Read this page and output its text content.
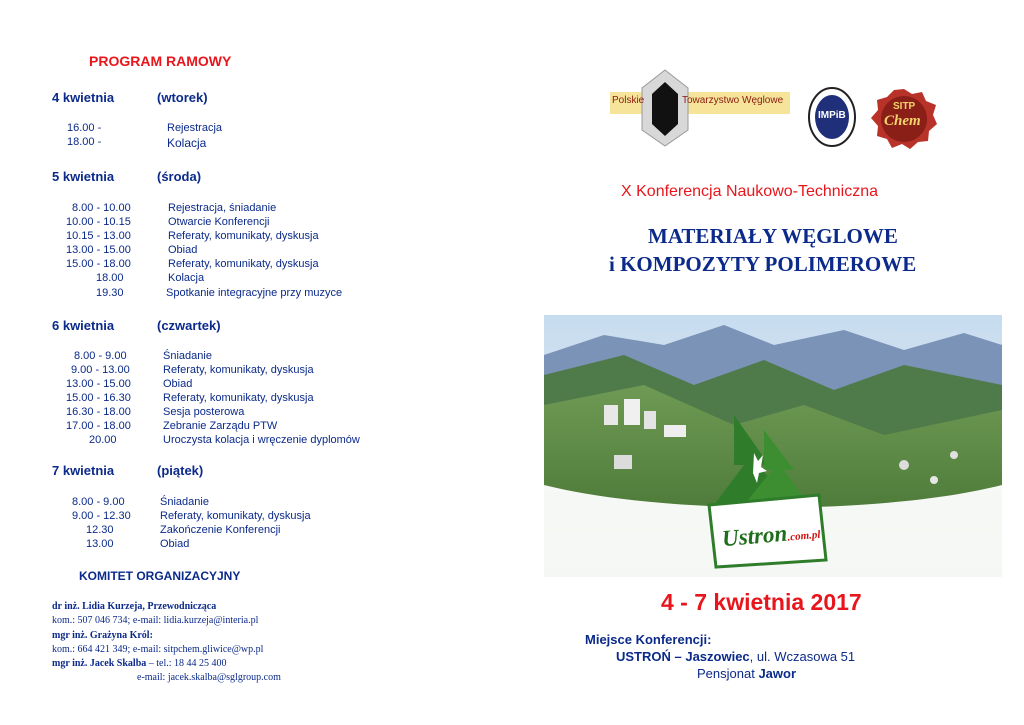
PROGRAM RAMOWY
4 kwietnia	(wtorek)
16.00 -	Rejestracja
18.00 -	Kolacja
5 kwietnia	(środa)
8.00 - 10.00	Rejestracja, śniadanie
10.00 - 10.15	Otwarcie Konferencji
10.15 - 13.00	Referaty, komunikaty, dyskusja
13.00 - 15.00	Obiad
15.00 - 18.00	Referaty, komunikaty, dyskusja
18.00	Kolacja
19.30	Spotkanie integracyjne przy muzyce
6 kwietnia	(czwartek)
8.00 - 9.00	Śniadanie
9.00 - 13.00	Referaty, komunikaty, dyskusja
13.00 - 15.00	Obiad
15.00 - 16.30	Referaty, komunikaty, dyskusja
16.30 - 18.00	Sesja posterowa
17.00 - 18.00	Zebranie Zarządu PTW
20.00	Uroczysta kolacja i wręczenie dyplomów
7 kwietnia	(piątek)
8.00 - 9.00	Śniadanie
9.00 - 12.30	Referaty, komunikaty, dyskusja
12.30	Zakończenie Konferencji
13.00	Obiad
KOMITET ORGANIZACYJNY
dr inż. Lidia Kurzeja, Przewodnicząca
kom.: 507 046 734; e-mail: lidia.kurzeja@interia.pl
mgr inż. Grażyna Król:
kom.: 664 421 349; e-mail: sitpchem.gliwice@wp.pl
mgr inż. Jacek Skalba – tel.: 18 44 25 400
e-mail: jacek.skalba@sglgroup.com
Polskie	Towarzystwo Węglowe
IMPiB
SITP
Chem
X Konferencja Naukowo-Techniczna
MATERIAŁY WĘGLOWE
i KOMPOZYTY POLIMEROWE
Ustron.com.pl
4 - 7 kwietnia 2017
Miejsce Konferencji:
USTROŃ – Jaszowiec, ul. Wczasowa 51
Pensjonat Jawor
